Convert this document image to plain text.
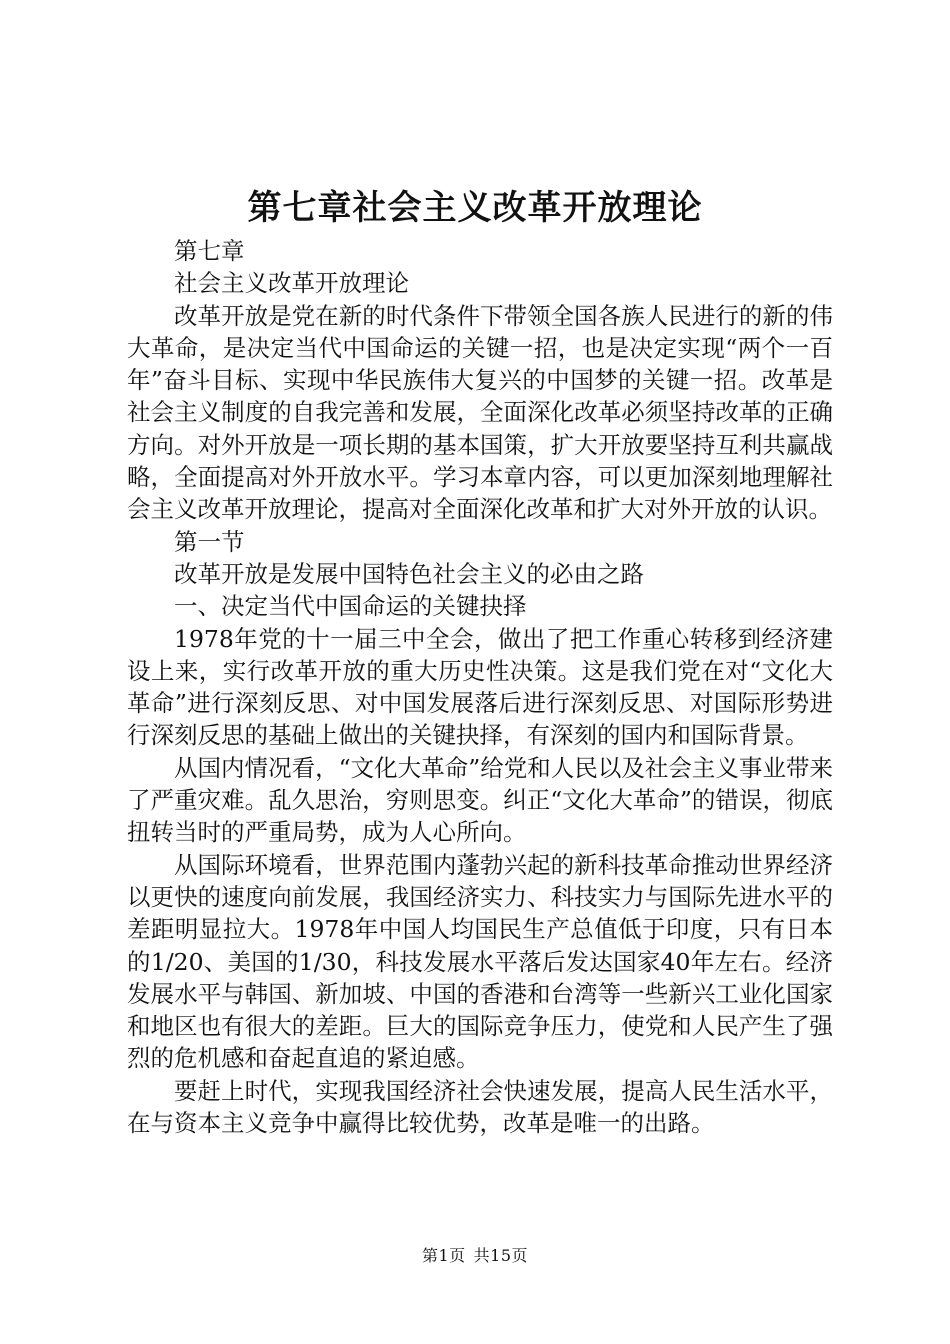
第七章社会主义改革开放理论

第七章

社会主义改革开放理论

改革开放是党在新的时代条件下带领全国各族人民进行的新的伟大革命，是决定当代中国命运的关键一招，也是决定实现“两个一百年”奋斗目标、实现中华民族伟大复兴的中国梦的关键一招。改革是社会主义制度的自我完善和发展，全面深化改革必须坚持改革的正确方向。对外开放是一项长期的基本国策，扩大开放要坚持互利共赢战略，全面提高对外开放水平。学习本章内容，可以更加深刻地理解社会主义改革开放理论，提高对全面深化改革和扩大对外开放的认识。

第一节

改革开放是发展中国特色社会主义的必由之路

一、决定当代中国命运的关键抉择

1978年党的十一届三中全会，做出了把工作重心转移到经济建设上来，实行改革开放的重大历史性决策。这是我们党在对“文化大革命”进行深刻反思、对中国发展落后进行深刻反思、对国际形势进行深刻反思的基础上做出的关键抉择，有深刻的国内和国际背景。

从国内情况看，“文化大革命”给党和人民以及社会主义事业带来了严重灾难。乱久思治，穷则思变。纠正“文化大革命”的错误，彻底扭转当时的严重局势，成为人心所向。

从国际环境看，世界范围内蓬勃兴起的新科技革命推动世界经济以更快的速度向前发展，我国经济实力、科技实力与国际先进水平的差距明显拉大。1978年中国人均国民生产总值低于印度，只有日本的1/20、美国的1/30，科技发展水平落后发达国家40年左右。经济发展水平与韩国、新加坡、中国的香港和台湾等一些新兴工业化国家和地区也有很大的差距。巨大的国际竞争压力，使党和人民产生了强烈的危机感和奋起直追的紧迫感。

要赶上时代，实现我国经济社会快速发展，提高人民生活水平，在与资本主义竞争中赢得比较优势，改革是唯一的出路。

第1页 共15页
